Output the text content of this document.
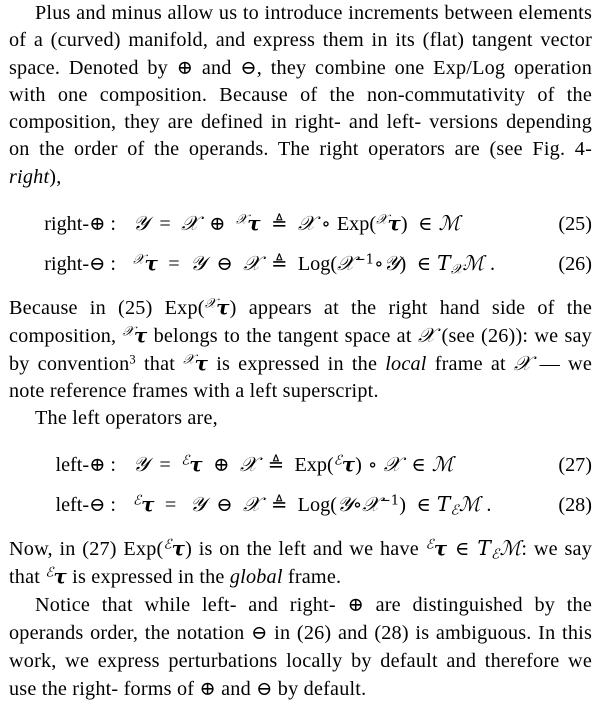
Plus and minus allow us to introduce increments between elements of a (curved) manifold, and express them in its (flat) tangent vector space. Denoted by ⊕ and ⊖, they combine one Exp/Log operation with one composition. Because of the non-commutativity of the composition, they are defined in right- and left- versions depending on the order of the operands. The right operators are (see Fig. 4-right),

right-⊕ : 𝒴 = 𝒳 ⊕ $^𝒳$τ ≜ 𝒳 ∘ Exp($^𝒳$τ) ∈ ℳ	(25)
right-⊖ :	$^𝒳$τ = 𝒴 ⊖ 𝒳 ≜ Log(𝒳$^{-1}$∘𝒴) ∈ $T_𝒳ℳ$ .	(26)

Because in (25) Exp($^𝒳$τ) appears at the right hand side of the composition, $^𝒳$τ belongs to the tangent space at 𝒳 (see (26)): we say by convention$^3$ that $^𝒳$τ is expressed in the local frame at 𝒳 — we note reference frames with a left superscript.

The left operators are,

left-⊕ : 𝒴 = $^ℰ$τ ⊕ 𝒳 ≜ Exp($^ℰ$τ) ∘ 𝒳 ∈ ℳ	(27)
left-⊖ :	$^ℰ$τ = 𝒴 ⊖ 𝒳 ≜ Log(𝒴∘𝒳$^{-1}$) ∈ $T_ℰℳ$ .	(28)

Now, in (27) Exp($^ℰ$τ) is on the left and we have $^ℰ$τ ∈ $T_ℰℳ$: we say that $^ℰ$τ is expressed in the global frame.

Notice that while left- and right- ⊕ are distinguished by the operands order, the notation ⊖ in (26) and (28) is ambiguous. In this work, we express perturbations locally by default and therefore we use the right- forms of ⊕ and ⊖ by default.
